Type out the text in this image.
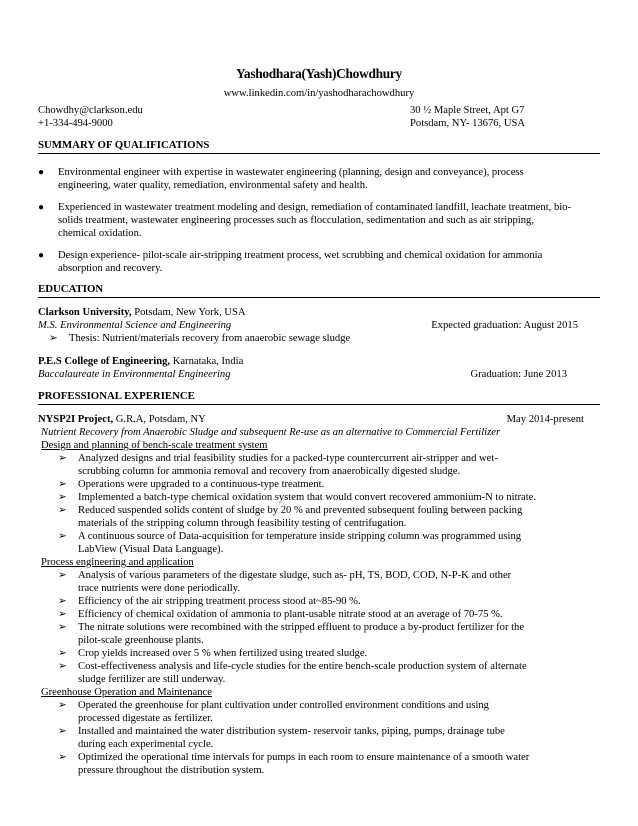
Yashodhara(Yash)Chowdhury
www.linkedin.com/in/yashodharachowdhury
Chowdhy@clarkson.edu	30 ½ Maple Street, Apt G7
+1-334-494-9000	Potsdam, NY- 13676, USA
SUMMARY OF QUALIFICATIONS
●	Environmental engineer with expertise in wastewater engineering (planning, design and conveyance), process
engineering, water quality, remediation, environmental safety and health.
●	Experienced in wastewater treatment modeling and design, remediation of contaminated landfill, leachate treatment, bio-
solids treatment, wastewater engineering processes such as flocculation, sedimentation and such as air stripping,
chemical oxidation.
●	Design experience- pilot-scale air-stripping treatment process, wet scrubbing and chemical oxidation for ammonia
absorption and recovery.
EDUCATION
Clarkson University, Potsdam, New York, USA
M.S. Environmental Science and Engineering	Expected graduation: August 2015
➢	Thesis: Nutrient/materials recovery from anaerobic sewage sludge
P.E.S College of Engineering, Karnataka, India
Baccalaureate in Environmental Engineering	Graduation: June 2013
PROFESSIONAL EXPERIENCE
NYSP2I Project, G.R.A, Potsdam, NY	May 2014-present
Nutrient Recovery from Anaerobic Sludge and subsequent Re-use as an alternative to Commercial Fertilizer
Design and planning of bench-scale treatment system
➢	Analyzed designs and trial feasibility studies for a packed-type countercurrent air-stripper and wet-
scrubbing column for ammonia removal and recovery from anaerobically digested sludge.
➢	Operations were upgraded to a continuous-type treatment.
➢	Implemented a batch-type chemical oxidation system that would convert recovered ammonium-N to nitrate.
➢	Reduced suspended solids content of sludge by 20 % and prevented subsequent fouling between packing
materials of the stripping column through feasibility testing of centrifugation.
➢	A continuous source of Data-acquisition for temperature inside stripping column was programmed using
LabView (Visual Data Language).
Process engineering and application
➢	Analysis of various parameters of the digestate sludge, such as- pH, TS, BOD, COD, N-P-K and other
trace nutrients were done periodically.
➢	Efficiency of the air stripping treatment process stood at~85-90 %.
➢	Efficiency of chemical oxidation of ammonia to plant-usable nitrate stood at an average of 70-75 %.
➢	The nitrate solutions were recombined with the stripped effluent to produce a by-product fertilizer for the
pilot-scale greenhouse plants.
➢	Crop yields increased over 5 % when fertilized using treated sludge.
➢	Cost-effectiveness analysis and life-cycle studies for the entire bench-scale production system of alternate
sludge fertilizer are still underway.
Greenhouse Operation and Maintenance
➢	Operated the greenhouse for plant cultivation under controlled environment conditions and using
processed digestate as fertilizer.
➢	Installed and maintained the water distribution system- reservoir tanks, piping, pumps, drainage tube
during each experimental cycle.
➢	Optimized the operational time intervals for pumps in each room to ensure maintenance of a smooth water
pressure throughout the distribution system.
